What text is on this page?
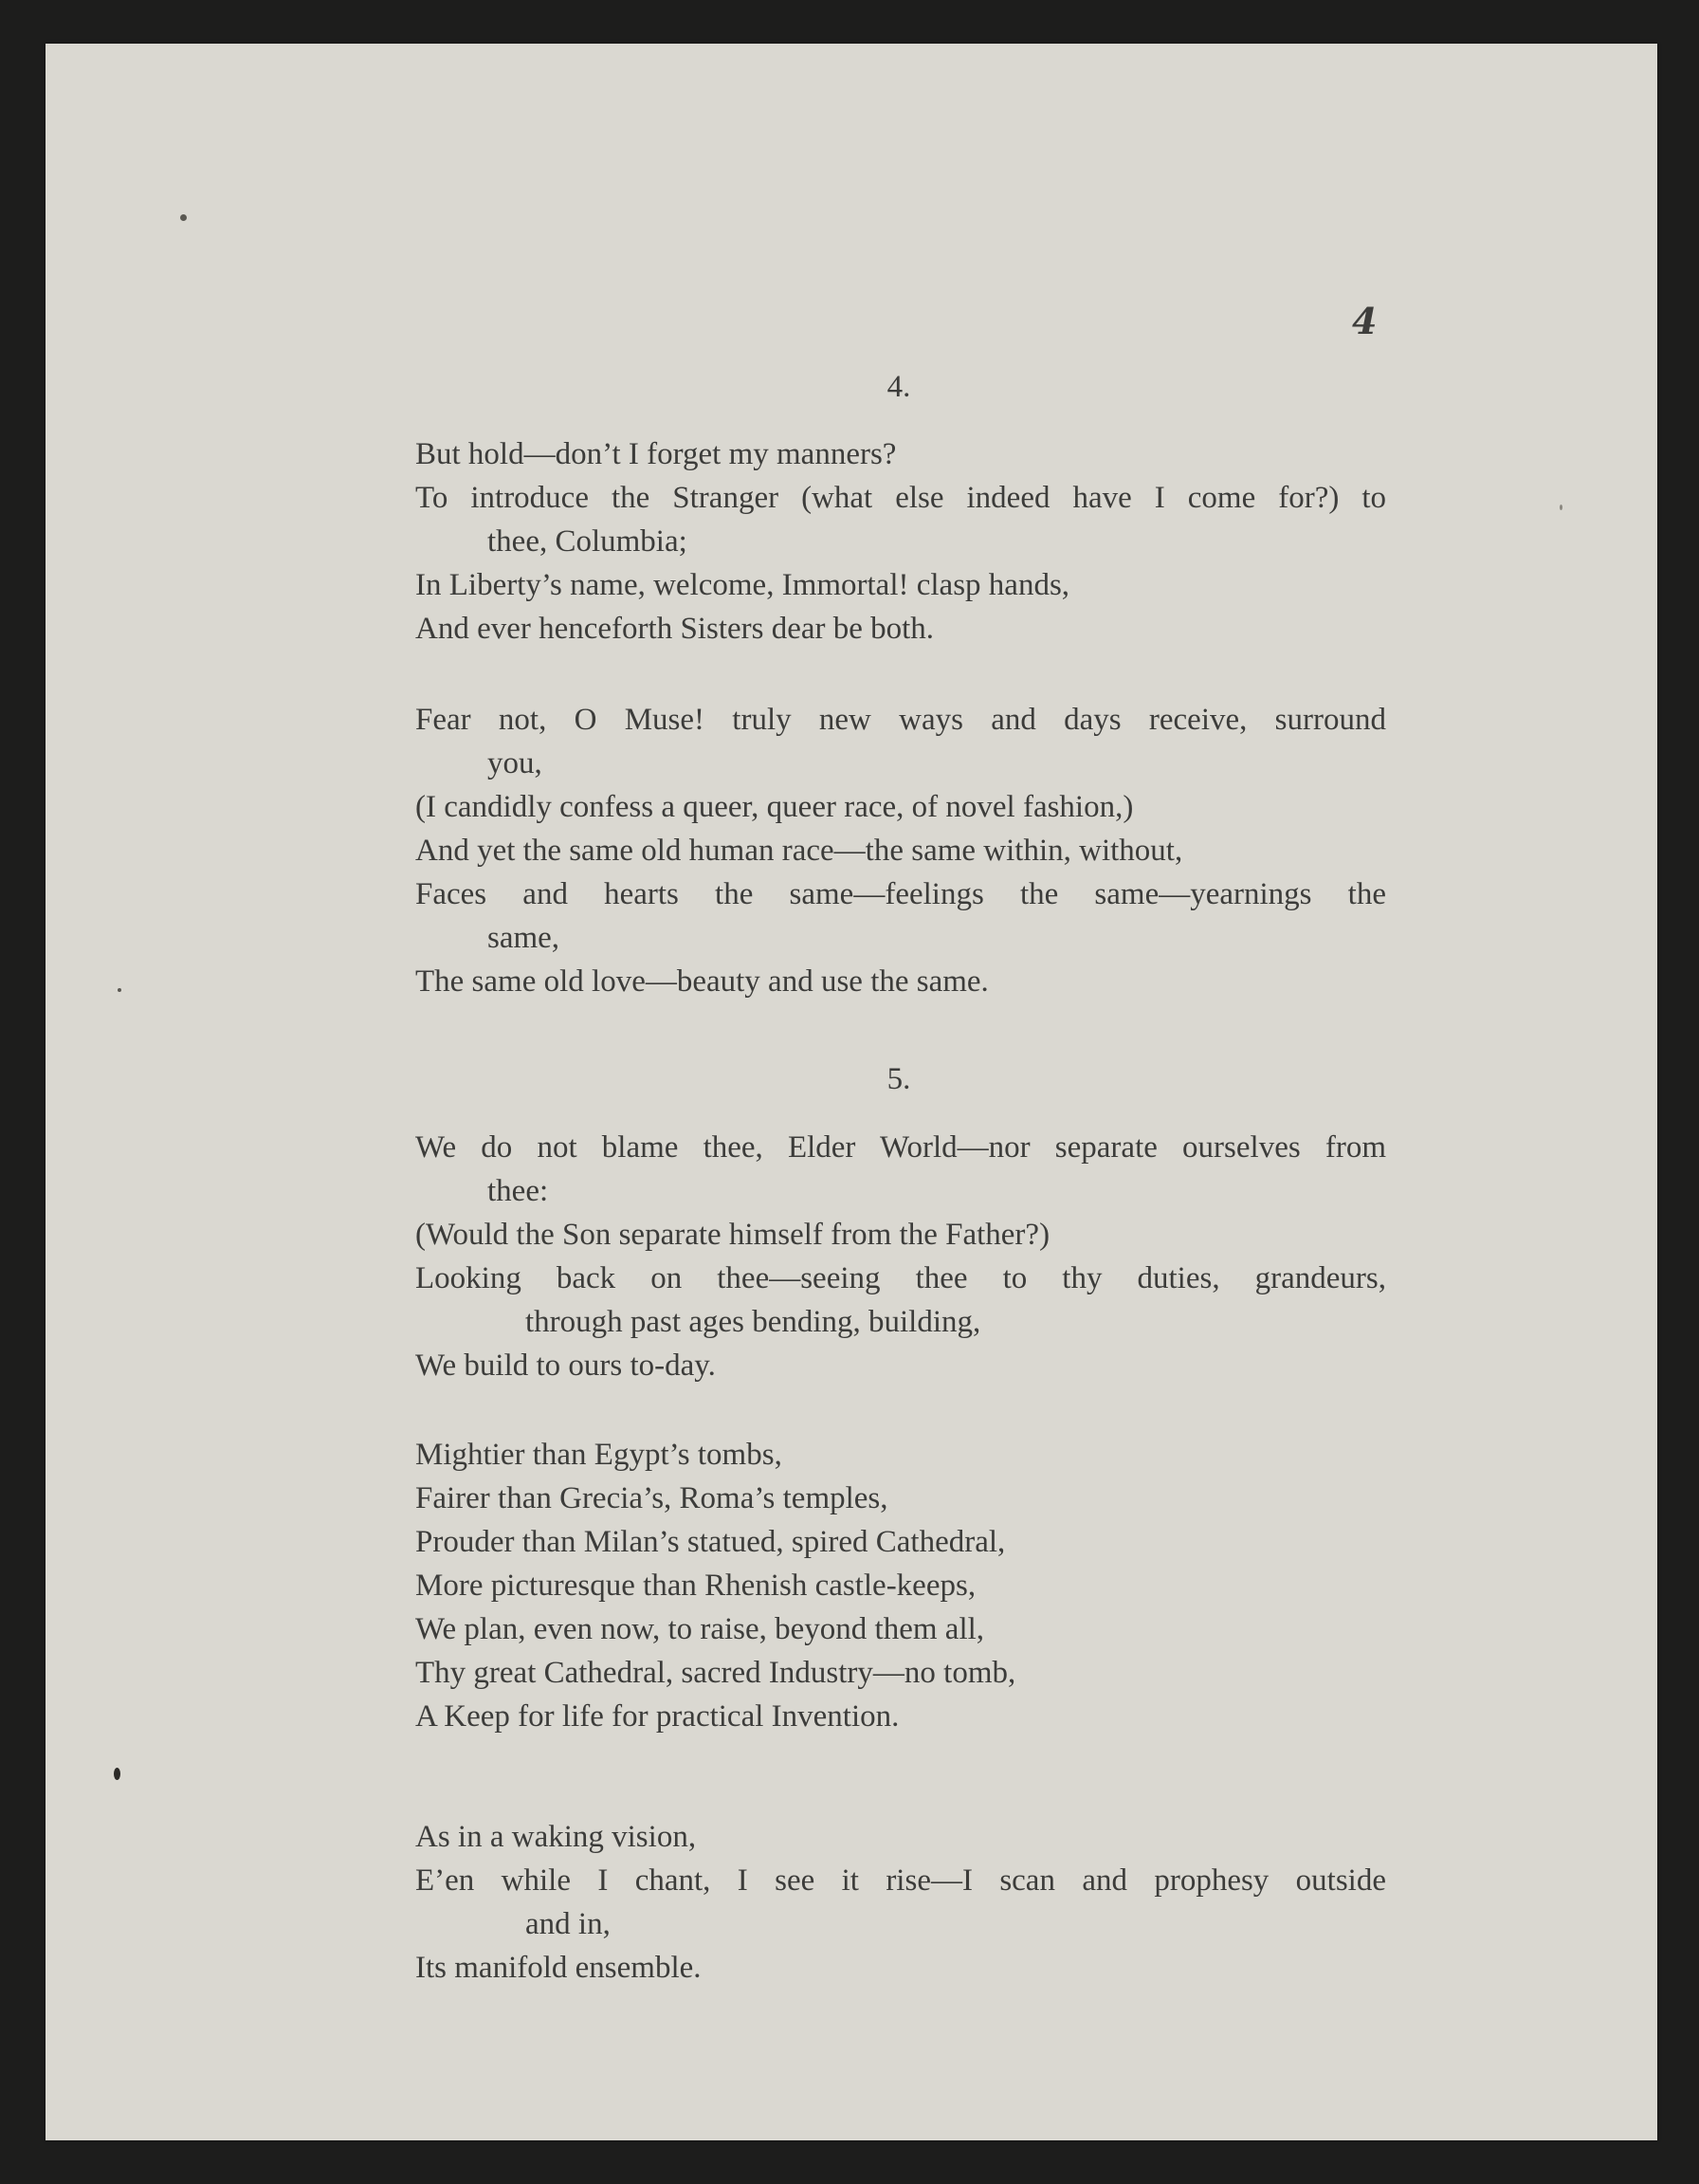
4
4.
But hold—don’t I forget my manners?
To introduce the Stranger (what else indeed have I come for?) to
thee, Columbia;
In Liberty’s name, welcome, Immortal! clasp hands,
And ever henceforth Sisters dear be both.
Fear not, O Muse! truly new ways and days receive, surround
you,
(I candidly confess a queer, queer race, of novel fashion,)
And yet the same old human race—the same within, without,
Faces and hearts the same—feelings the same—yearnings the
same,
The same old love—beauty and use the same.
5.
We do not blame thee, Elder World—nor separate ourselves from
thee:
(Would the Son separate himself from the Father?)
Looking back on thee—seeing thee to thy duties, grandeurs,
through past ages bending, building,
We build to ours to-day.
Mightier than Egypt’s tombs,
Fairer than Grecia’s, Roma’s temples,
Prouder than Milan’s statued, spired Cathedral,
More picturesque than Rhenish castle-keeps,
We plan, even now, to raise, beyond them all,
Thy great Cathedral, sacred Industry—no tomb,
A Keep for life for practical Invention.
As in a waking vision,
E’en while I chant, I see it rise—I scan and prophesy outside
and in,
Its manifold ensemble.
